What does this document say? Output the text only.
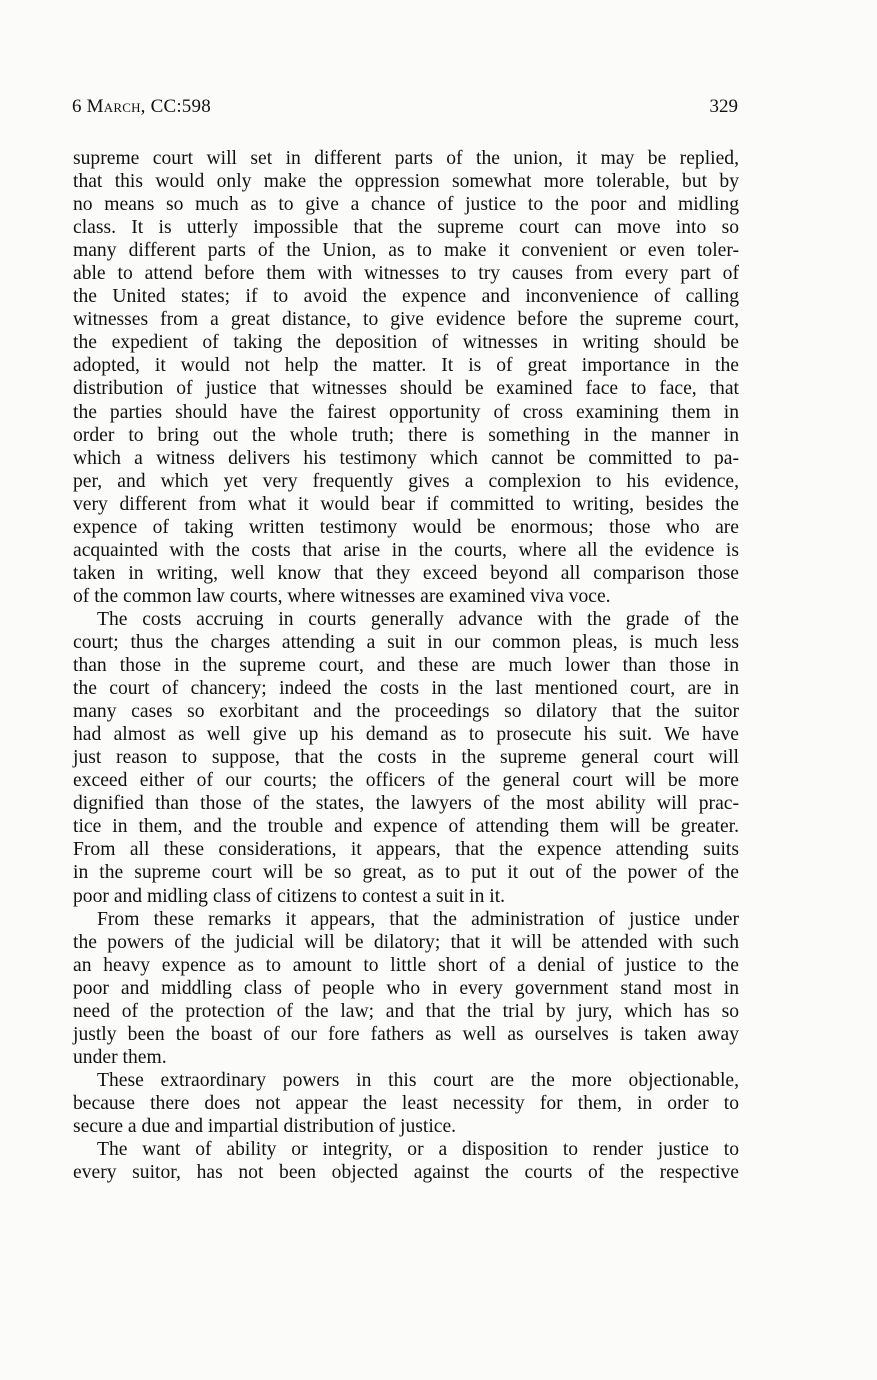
6 March, CC:598	329
supreme court will set in different parts of the union, it may be replied,
that this would only make the oppression somewhat more tolerable, but by
no means so much as to give a chance of justice to the poor and midling
class. It is utterly impossible that the supreme court can move into so
many different parts of the Union, as to make it convenient or even toler-
able to attend before them with witnesses to try causes from every part of
the United states; if to avoid the expence and inconvenience of calling
witnesses from a great distance, to give evidence before the supreme court,
the expedient of taking the deposition of witnesses in writing should be
adopted, it would not help the matter. It is of great importance in the
distribution of justice that witnesses should be examined face to face, that
the parties should have the fairest opportunity of cross examining them in
order to bring out the whole truth; there is something in the manner in
which a witness delivers his testimony which cannot be committed to pa-
per, and which yet very frequently gives a complexion to his evidence,
very different from what it would bear if committed to writing, besides the
expence of taking written testimony would be enormous; those who are
acquainted with the costs that arise in the courts, where all the evidence is
taken in writing, well know that they exceed beyond all comparison those
of the common law courts, where witnesses are examined viva voce.
The costs accruing in courts generally advance with the grade of the
court; thus the charges attending a suit in our common pleas, is much less
than those in the supreme court, and these are much lower than those in
the court of chancery; indeed the costs in the last mentioned court, are in
many cases so exorbitant and the proceedings so dilatory that the suitor
had almost as well give up his demand as to prosecute his suit. We have
just reason to suppose, that the costs in the supreme general court will
exceed either of our courts; the officers of the general court will be more
dignified than those of the states, the lawyers of the most ability will prac-
tice in them, and the trouble and expence of attending them will be greater.
From all these considerations, it appears, that the expence attending suits
in the supreme court will be so great, as to put it out of the power of the
poor and midling class of citizens to contest a suit in it.
From these remarks it appears, that the administration of justice under
the powers of the judicial will be dilatory; that it will be attended with such
an heavy expence as to amount to little short of a denial of justice to the
poor and middling class of people who in every government stand most in
need of the protection of the law; and that the trial by jury, which has so
justly been the boast of our fore fathers as well as ourselves is taken away
under them.
These extraordinary powers in this court are the more objectionable,
because there does not appear the least necessity for them, in order to
secure a due and impartial distribution of justice.
The want of ability or integrity, or a disposition to render justice to
every suitor, has not been objected against the courts of the respective
